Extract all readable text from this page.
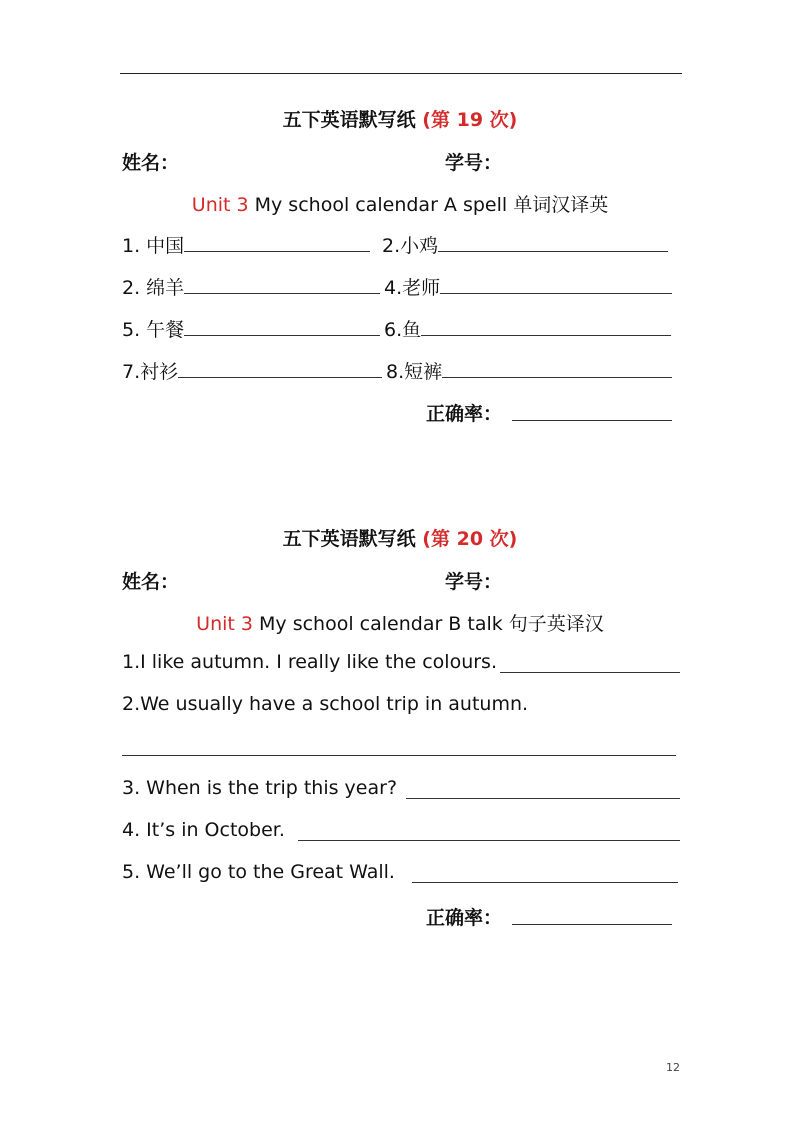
五下英语默写纸 (第 19 次)
姓名：	学号：
Unit 3 My school calendar A spell 单词汉译英
1. 中国	2.小鸡
2. 绵羊	4.老师
5. 午餐	6.鱼
7.衬衫	8.短裤
正确率：
五下英语默写纸 (第 20 次)
姓名：	学号：
Unit 3 My school calendar B talk 句子英译汉
1.I like autumn. I really like the colours.
2.We usually have a school trip in autumn.
3. When is the trip this year?
4. It’s in October.
5. We’ll go to the Great Wall.
正确率：
12
